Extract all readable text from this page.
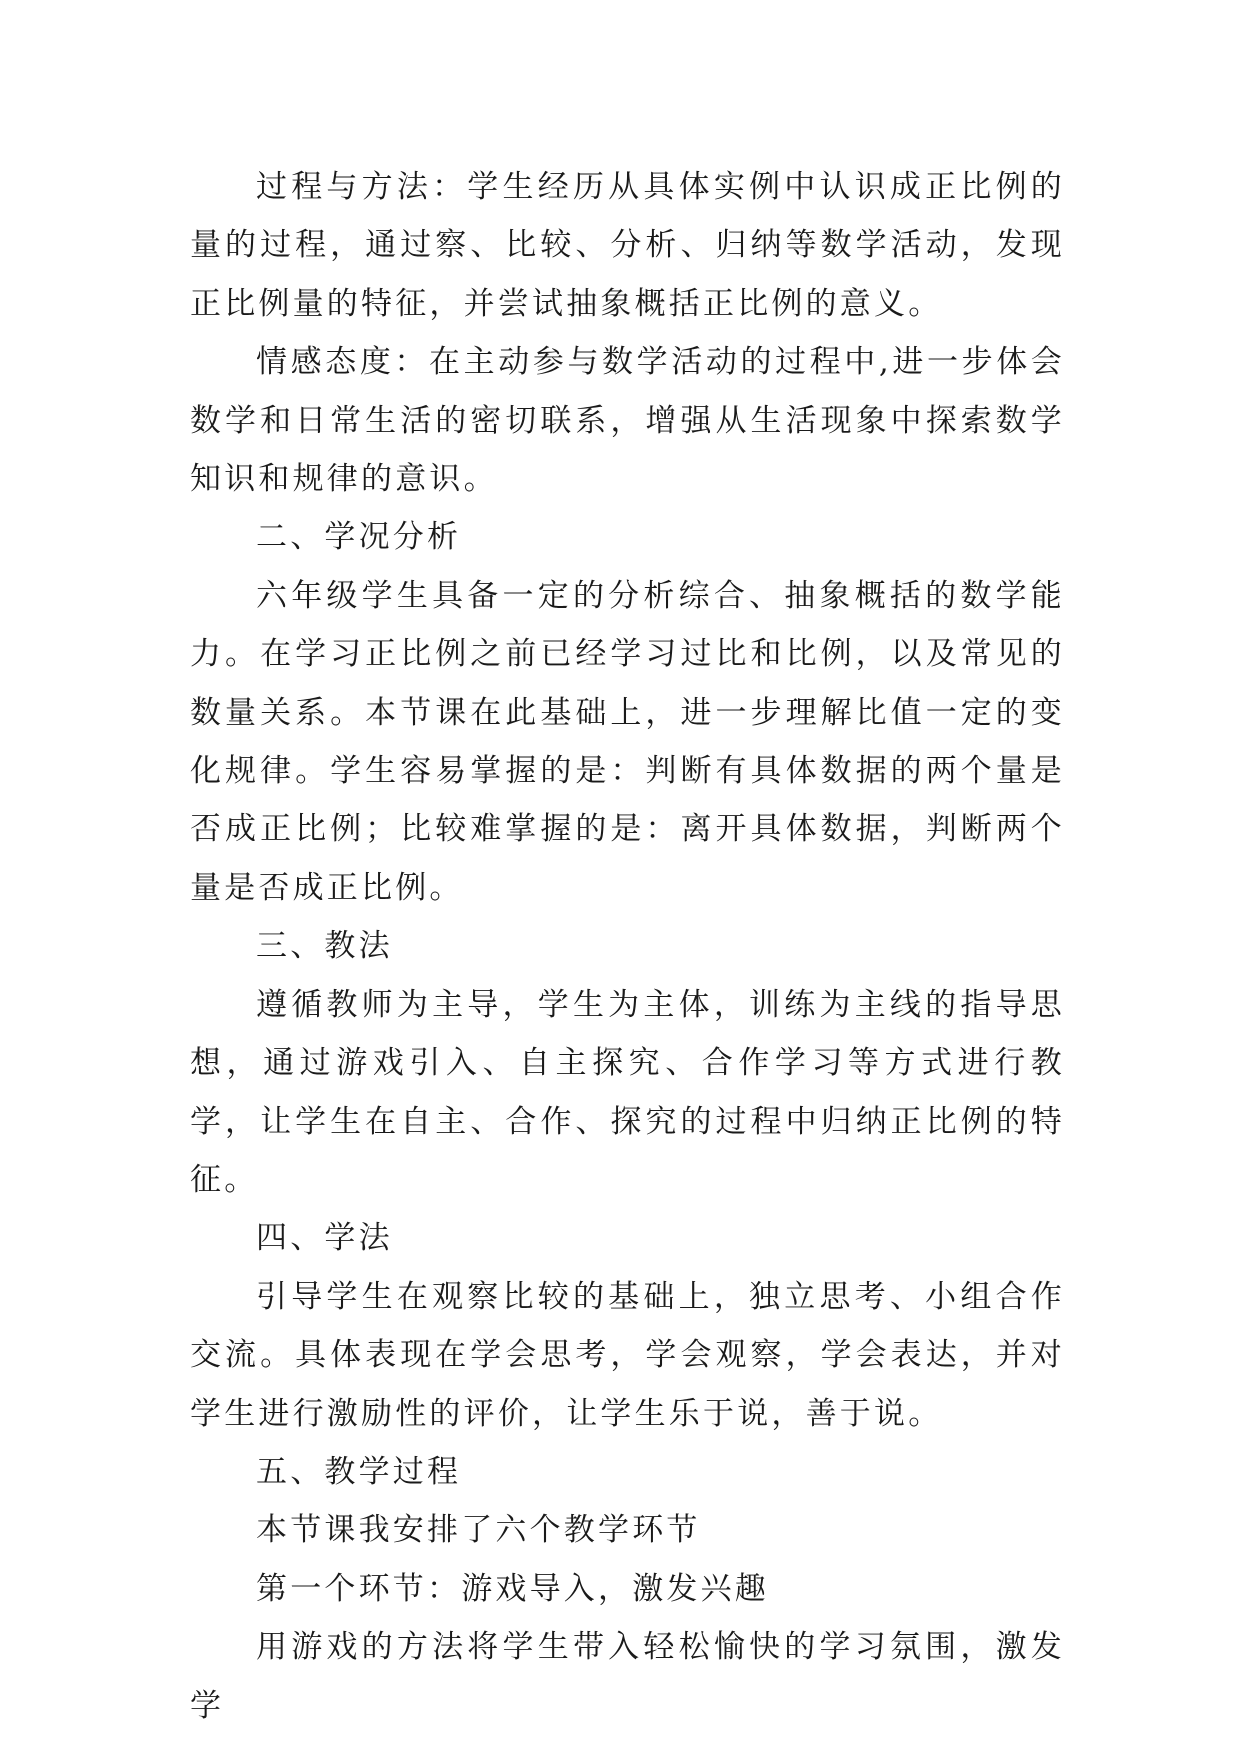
过程与方法：学生经历从具体实例中认识成正比例的量的过程，通过察、比较、分析、归纳等数学活动，发现正比例量的特征，并尝试抽象概括正比例的意义。

情感态度：在主动参与数学活动的过程中,进一步体会数学和日常生活的密切联系，增强从生活现象中探索数学知识和规律的意识。

二、学况分析

六年级学生具备一定的分析综合、抽象概括的数学能力。在学习正比例之前已经学习过比和比例，以及常见的数量关系。本节课在此基础上，进一步理解比值一定的变化规律。学生容易掌握的是：判断有具体数据的两个量是否成正比例；比较难掌握的是：离开具体数据，判断两个量是否成正比例。

三、教法

遵循教师为主导，学生为主体，训练为主线的指导思想，通过游戏引入、自主探究、合作学习等方式进行教学，让学生在自主、合作、探究的过程中归纳正比例的特征。

四、学法

引导学生在观察比较的基础上，独立思考、小组合作交流。具体表现在学会思考，学会观察，学会表达，并对学生进行激励性的评价，让学生乐于说，善于说。

五、教学过程

本节课我安排了六个教学环节

第一个环节：游戏导入，激发兴趣

用游戏的方法将学生带入轻松愉快的学习氛围，激发学
